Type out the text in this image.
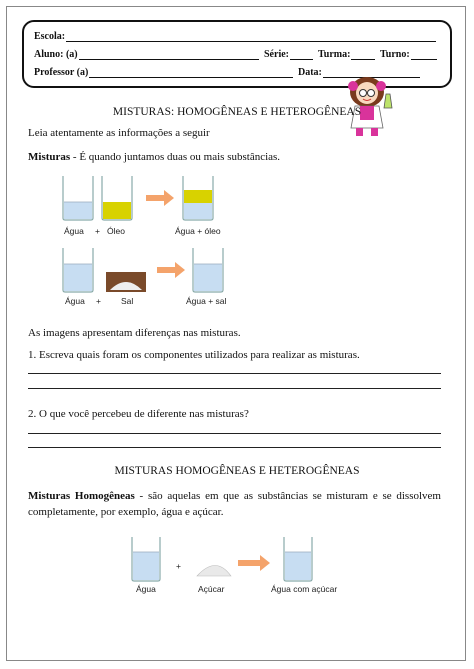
Escola:
Aluno: (a)	Série:	Turma:	Turno:
Professor (a)	Data:
MISTURAS: HOMOGÊNEAS E HETEROGÊNEAS
Leia atentamente as informações a seguir
Misturas - É quando juntamos duas ou mais substâncias.
Água + Óleo	Água + óleo
Água + Sal	Água + sal
As imagens apresentam diferenças nas misturas.
1. Escreva quais foram os componentes utilizados para realizar as misturas.
2. O que você percebeu de diferente nas misturas?
MISTURAS HOMOGÊNEAS E HETEROGÊNEAS
Misturas Homogêneas - são aquelas em que as substâncias se misturam e se dissolvem completamente, por exemplo, água e açúcar.
+
Água	Açúcar	Água com açúcar
